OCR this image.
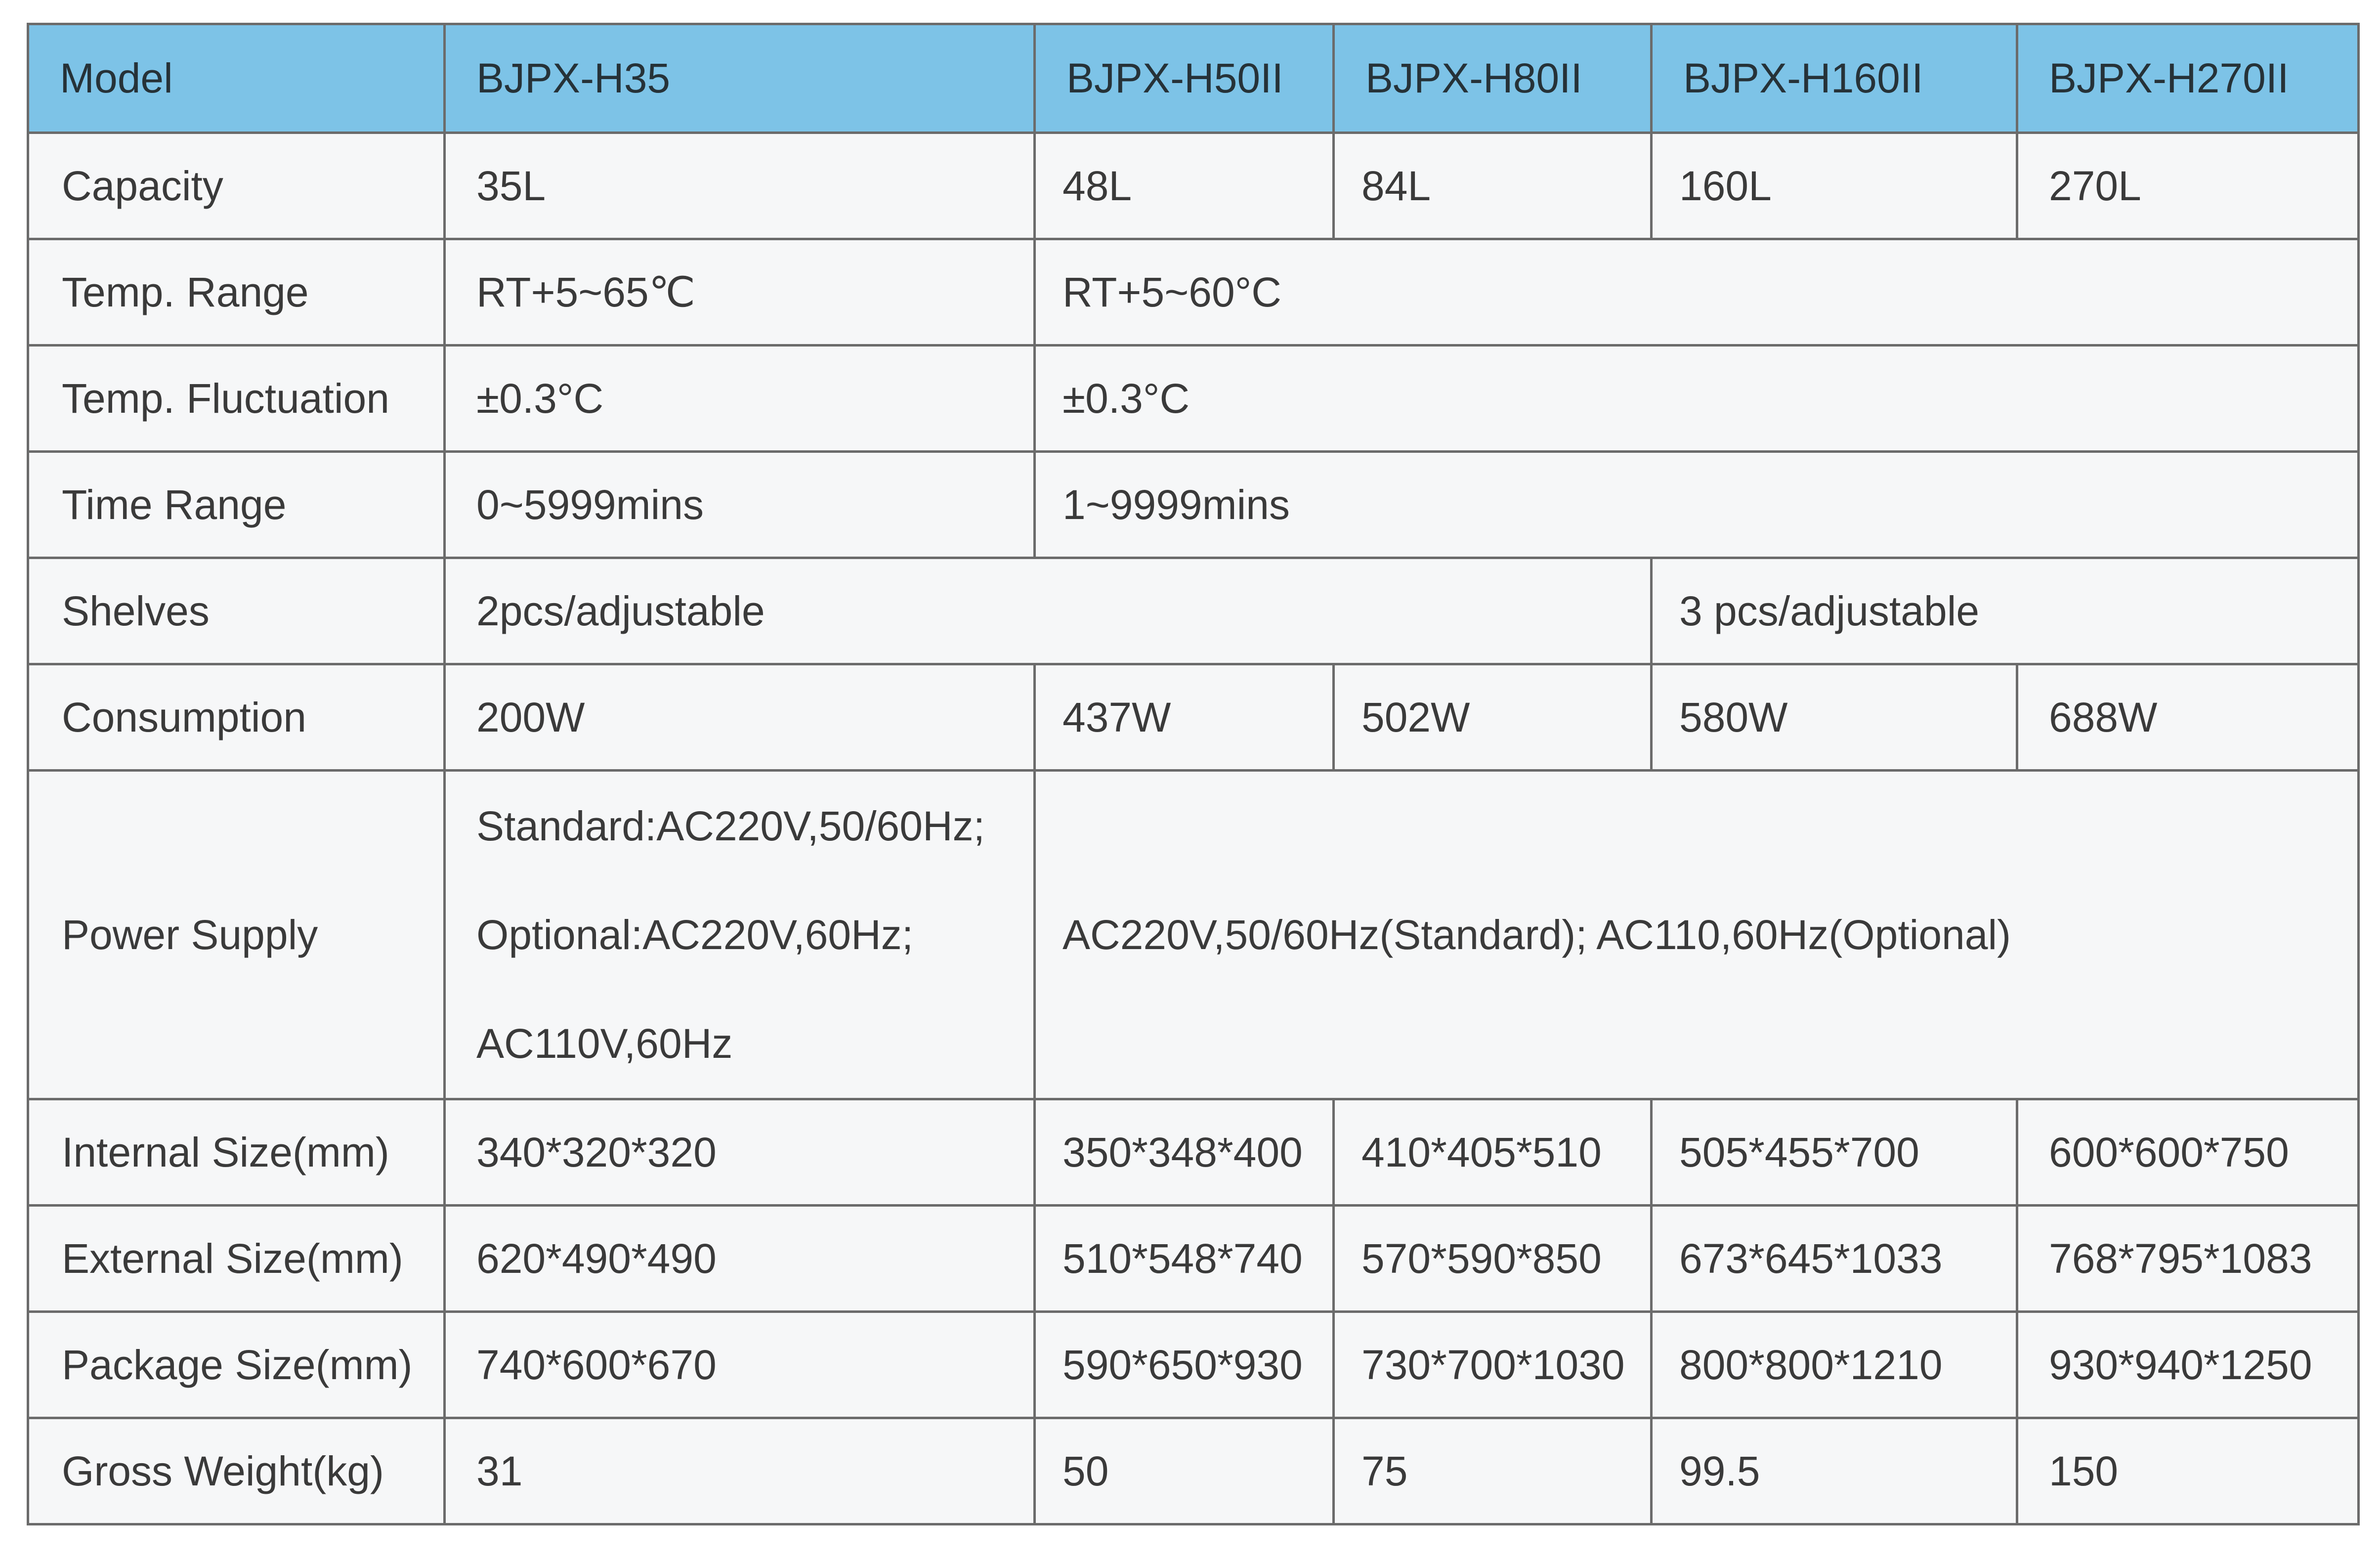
Model	BJPX-H35	BJPX-H50II	BJPX-H80II	BJPX-H160II	BJPX-H270II
Capacity	35L	48L	84L	160L	270L
Temp. Range	RT+5~65℃	RT+5~60°C			
Temp. Fluctuation	±0.3°C	±0.3°C			
Time Range	0~5999mins	1~9999mins			
Shelves	2pcs/adjustable			3 pcs/adjustable	
Consumption	200W	437W	502W	580W	688W
Power Supply	Standard:AC220V,50/60Hz;
Optional:AC220V,60Hz;
AC110V,60Hz	AC220V,50/60Hz(Standard); AC110,60Hz(Optional)			
Internal Size(mm)	340*320*320	350*348*400	410*405*510	505*455*700	600*600*750
External Size(mm)	620*490*490	510*548*740	570*590*850	673*645*1033	768*795*1083
Package Size(mm)	740*600*670	590*650*930	730*700*1030	800*800*1210	930*940*1250
Gross Weight(kg)	31	50	75	99.5	150
